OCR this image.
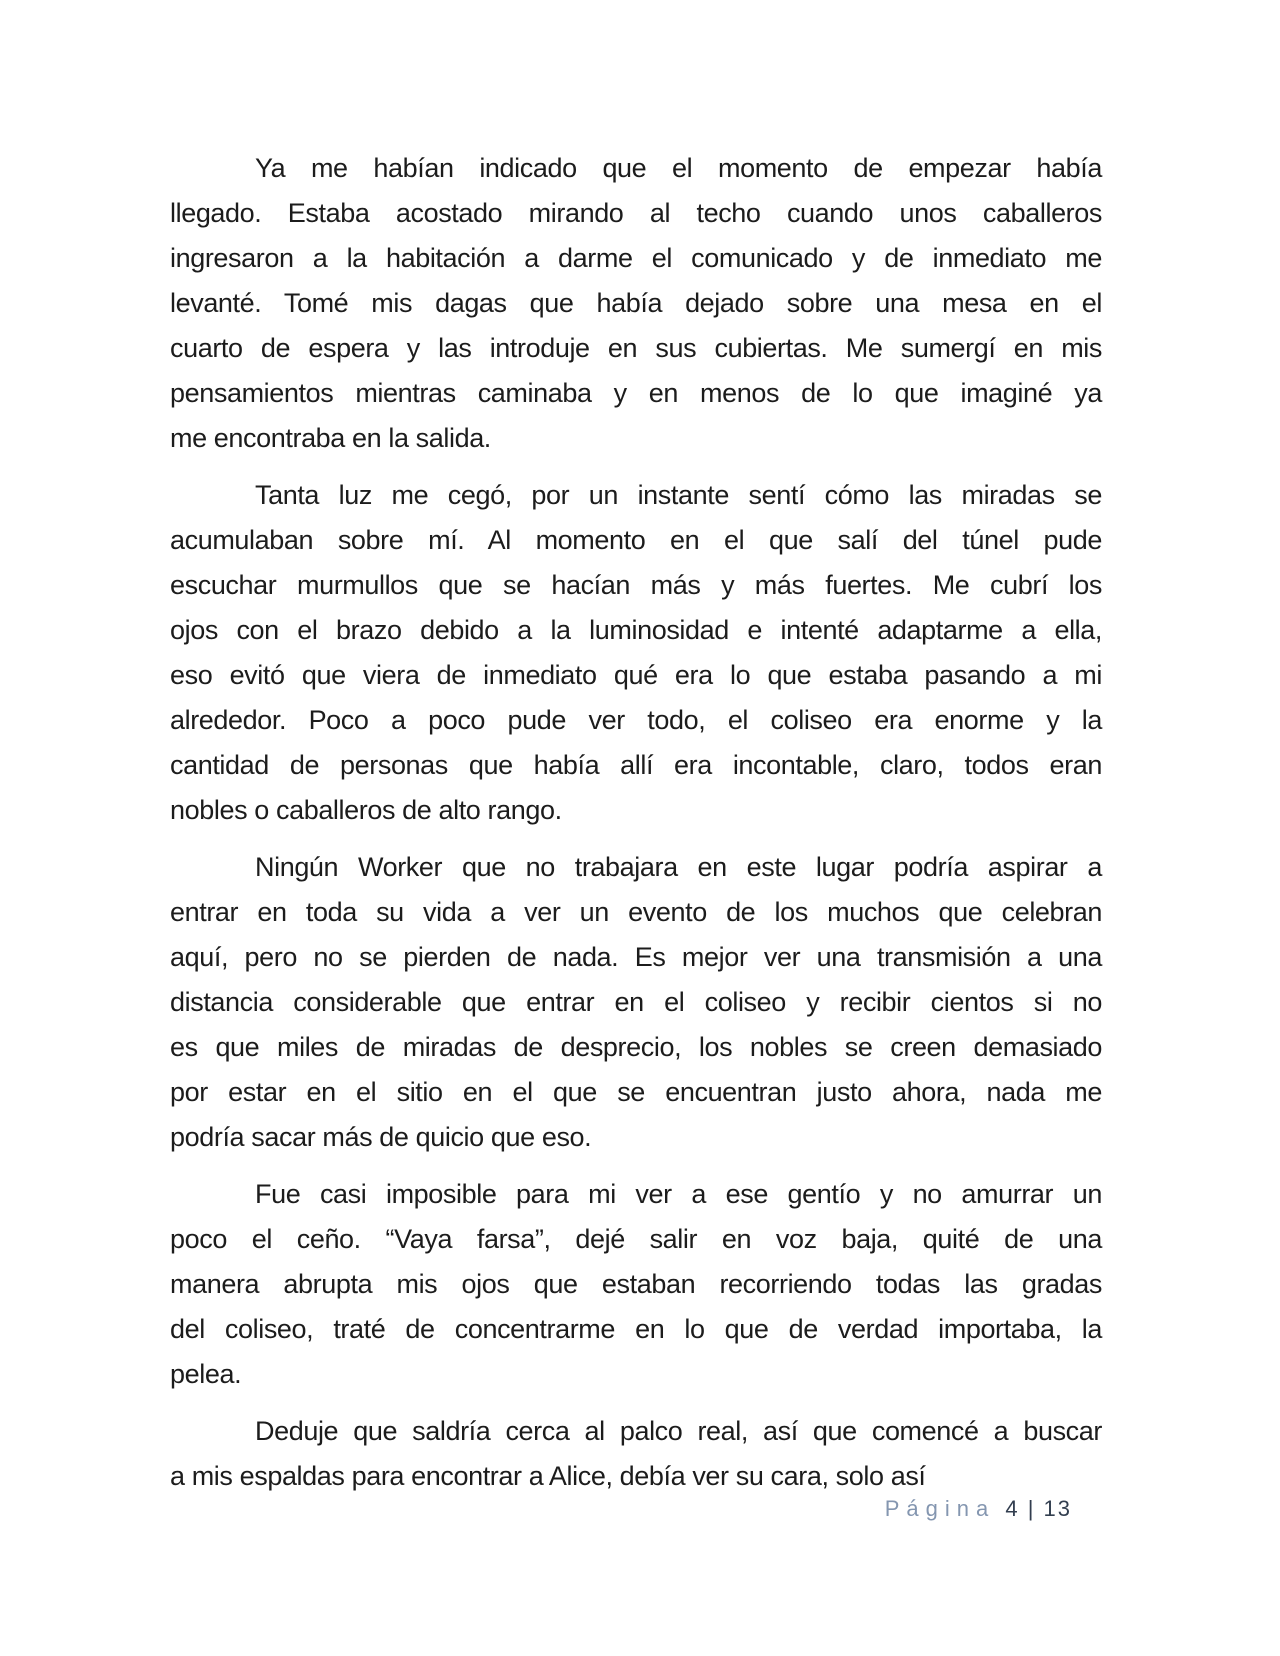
Ya me habían indicado que el momento de empezar había
llegado. Estaba acostado mirando al techo cuando unos caballeros
ingresaron a la habitación a darme el comunicado y de inmediato me
levanté. Tomé mis dagas que había dejado sobre una mesa en el
cuarto de espera y las introduje en sus cubiertas. Me sumergí en mis
pensamientos mientras caminaba y en menos de lo que imaginé ya
me encontraba en la salida.
Tanta luz me cegó, por un instante sentí cómo las miradas se
acumulaban sobre mí. Al momento en el que salí del túnel pude
escuchar murmullos que se hacían más y más fuertes. Me cubrí los
ojos con el brazo debido a la luminosidad e intenté adaptarme a ella,
eso evitó que viera de inmediato qué era lo que estaba pasando a mi
alrededor. Poco a poco pude ver todo, el coliseo era enorme y la
cantidad de personas que había allí era incontable, claro, todos eran
nobles o caballeros de alto rango.
Ningún Worker que no trabajara en este lugar podría aspirar a
entrar en toda su vida a ver un evento de los muchos que celebran
aquí, pero no se pierden de nada. Es mejor ver una transmisión a una
distancia considerable que entrar en el coliseo y recibir cientos si no
es que miles de miradas de desprecio, los nobles se creen demasiado
por estar en el sitio en el que se encuentran justo ahora, nada me
podría sacar más de quicio que eso.
Fue casi imposible para mi ver a ese gentío y no amurrar un
poco el ceño. “Vaya farsa”, dejé salir en voz baja, quité de una
manera abrupta mis ojos que estaban recorriendo todas las gradas
del coliseo, traté de concentrarme en lo que de verdad importaba, la
pelea.
Deduje que saldría cerca al palco real, así que comencé a buscar
a mis espaldas para encontrar a Alice, debía ver su cara, solo así
Página 4 | 13
